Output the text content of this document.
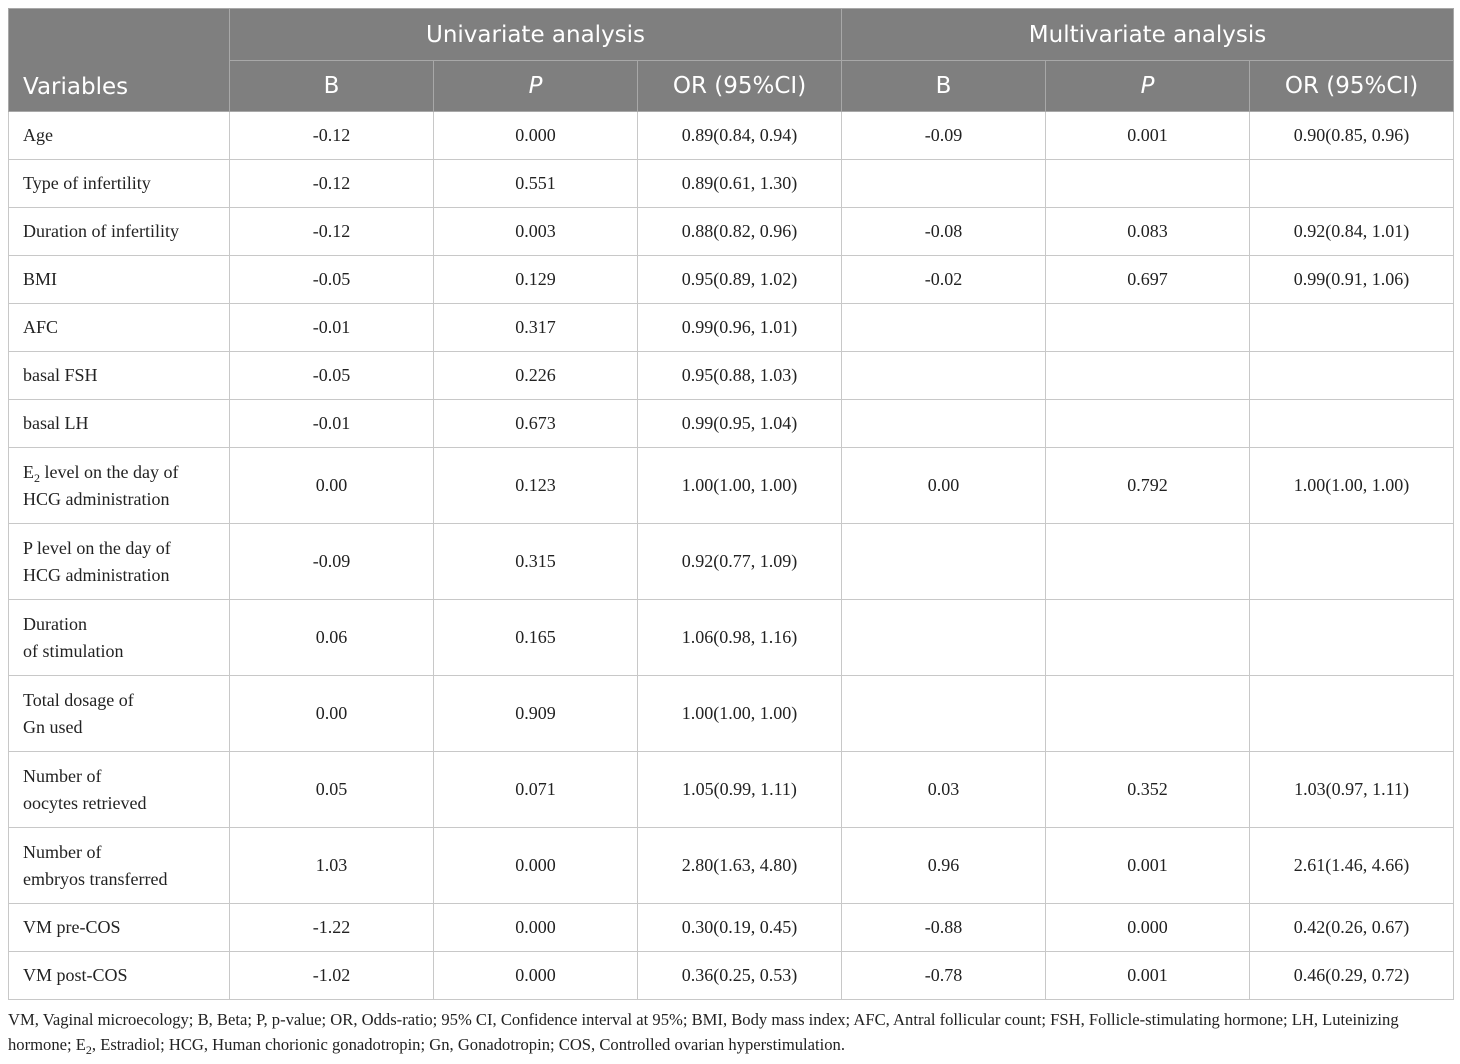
Variables	Univariate analysis			Multivariate analysis		
	B	P	OR (95%CI)	B	P	OR (95%CI)
Age	-0.12	0.000	0.89(0.84, 0.94)	-0.09	0.001	0.90(0.85, 0.96)
Type of infertility	-0.12	0.551	0.89(0.61, 1.30)			
Duration of infertility	-0.12	0.003	0.88(0.82, 0.96)	-0.08	0.083	0.92(0.84, 1.01)
BMI	-0.05	0.129	0.95(0.89, 1.02)	-0.02	0.697	0.99(0.91, 1.06)
AFC	-0.01	0.317	0.99(0.96, 1.01)			
basal FSH	-0.05	0.226	0.95(0.88, 1.03)			
basal LH	-0.01	0.673	0.99(0.95, 1.04)			
$E_2$ level on the day of
HCG administration	0.00	0.123	1.00(1.00, 1.00)	0.00	0.792	1.00(1.00, 1.00)
P level on the day of
HCG administration	-0.09	0.315	0.92(0.77, 1.09)			
Duration
of stimulation	0.06	0.165	1.06(0.98, 1.16)			
Total dosage of
Gn used	0.00	0.909	1.00(1.00, 1.00)			
Number of
oocytes retrieved	0.05	0.071	1.05(0.99, 1.11)	0.03	0.352	1.03(0.97, 1.11)
Number of
embryos transferred	1.03	0.000	2.80(1.63, 4.80)	0.96	0.001	2.61(1.46, 4.66)
VM pre-COS	-1.22	0.000	0.30(0.19, 0.45)	-0.88	0.000	0.42(0.26, 0.67)
VM post-COS	-1.02	0.000	0.36(0.25, 0.53)	-0.78	0.001	0.46(0.29, 0.72)
VM, Vaginal microecology; B, Beta; P, p-value; OR, Odds-ratio; 95% CI, Confidence interval at 95%; BMI, Body mass index; AFC, Antral follicular count; FSH, Follicle-stimulating hormone; LH, Luteinizing hormone; $E_2$, Estradiol; HCG, Human chorionic gonadotropin; Gn, Gonadotropin; COS, Controlled ovarian hyperstimulation.
